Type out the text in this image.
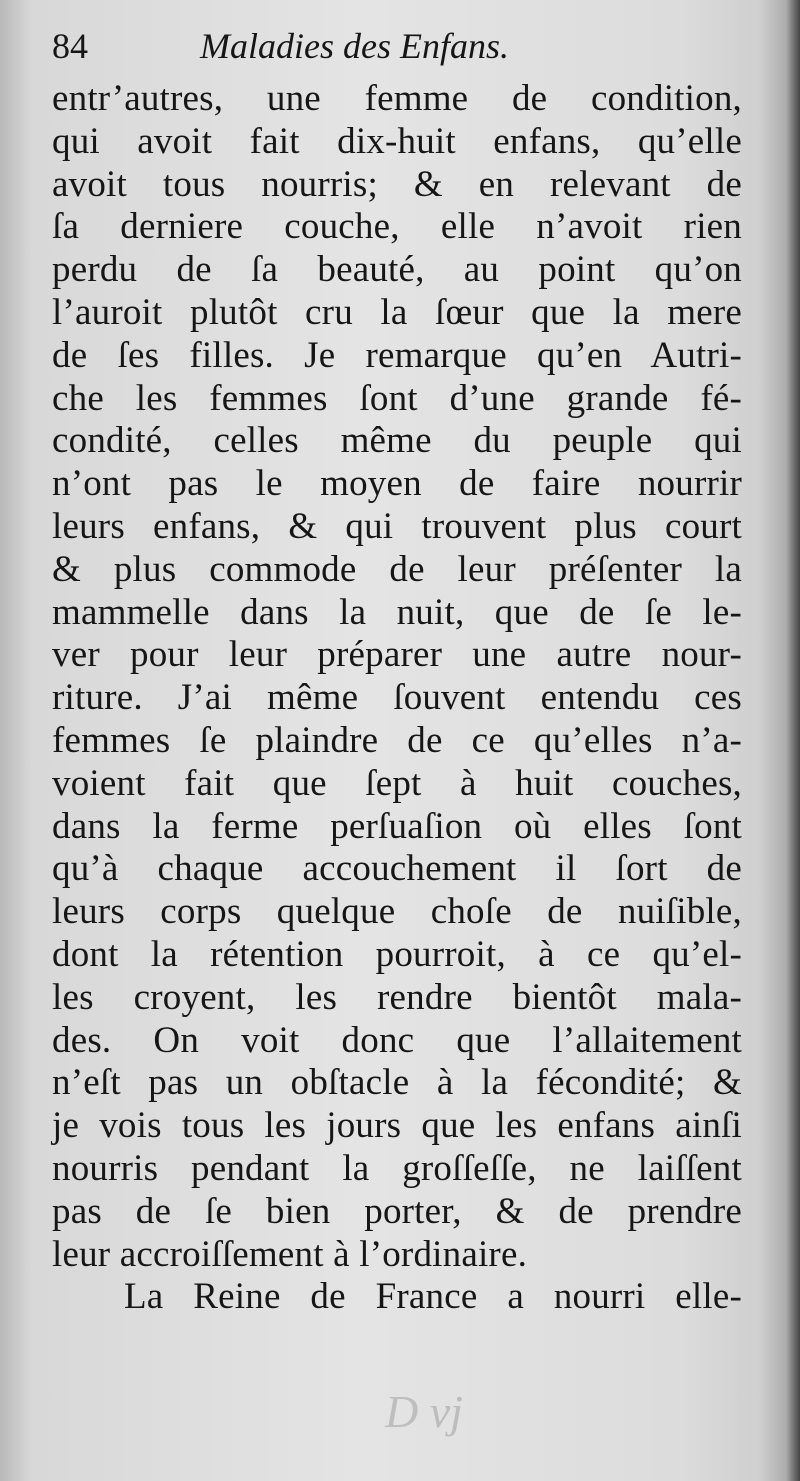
84	Maladies des Enfans.
entr’autres, une femme de condition,
qui avoit fait dix-huit enfans, qu’elle
avoit tous nourris; & en relevant de
ſa derniere couche, elle n’avoit rien
perdu de ſa beauté, au point qu’on
l’auroit plutôt cru la ſœur que la mere
de ſes filles. Je remarque qu’en Autri-
che les femmes ſont d’une grande fé-
condité, celles même du peuple qui
n’ont pas le moyen de faire nourrir
leurs enfans, & qui trouvent plus court
& plus commode de leur préſenter la
mammelle dans la nuit, que de ſe le-
ver pour leur préparer une autre nour-
riture. J’ai même ſouvent entendu ces
femmes ſe plaindre de ce qu’elles n’a-
voient fait que ſept à huit couches,
dans la ferme perſuaſion où elles ſont
qu’à chaque accouchement il ſort de
leurs corps quelque choſe de nuiſible,
dont la rétention pourroit, à ce qu’el-
les croyent, les rendre bientôt mala-
des. On voit donc que l’allaitement
n’eſt pas un obſtacle à la fécondité; &
je vois tous les jours que les enfans ainſi
nourris pendant la groſſeſſe, ne laiſſent
pas de ſe bien porter, & de prendre
leur accroiſſement à l’ordinaire.
La Reine de France a nourri elle-
D vj
